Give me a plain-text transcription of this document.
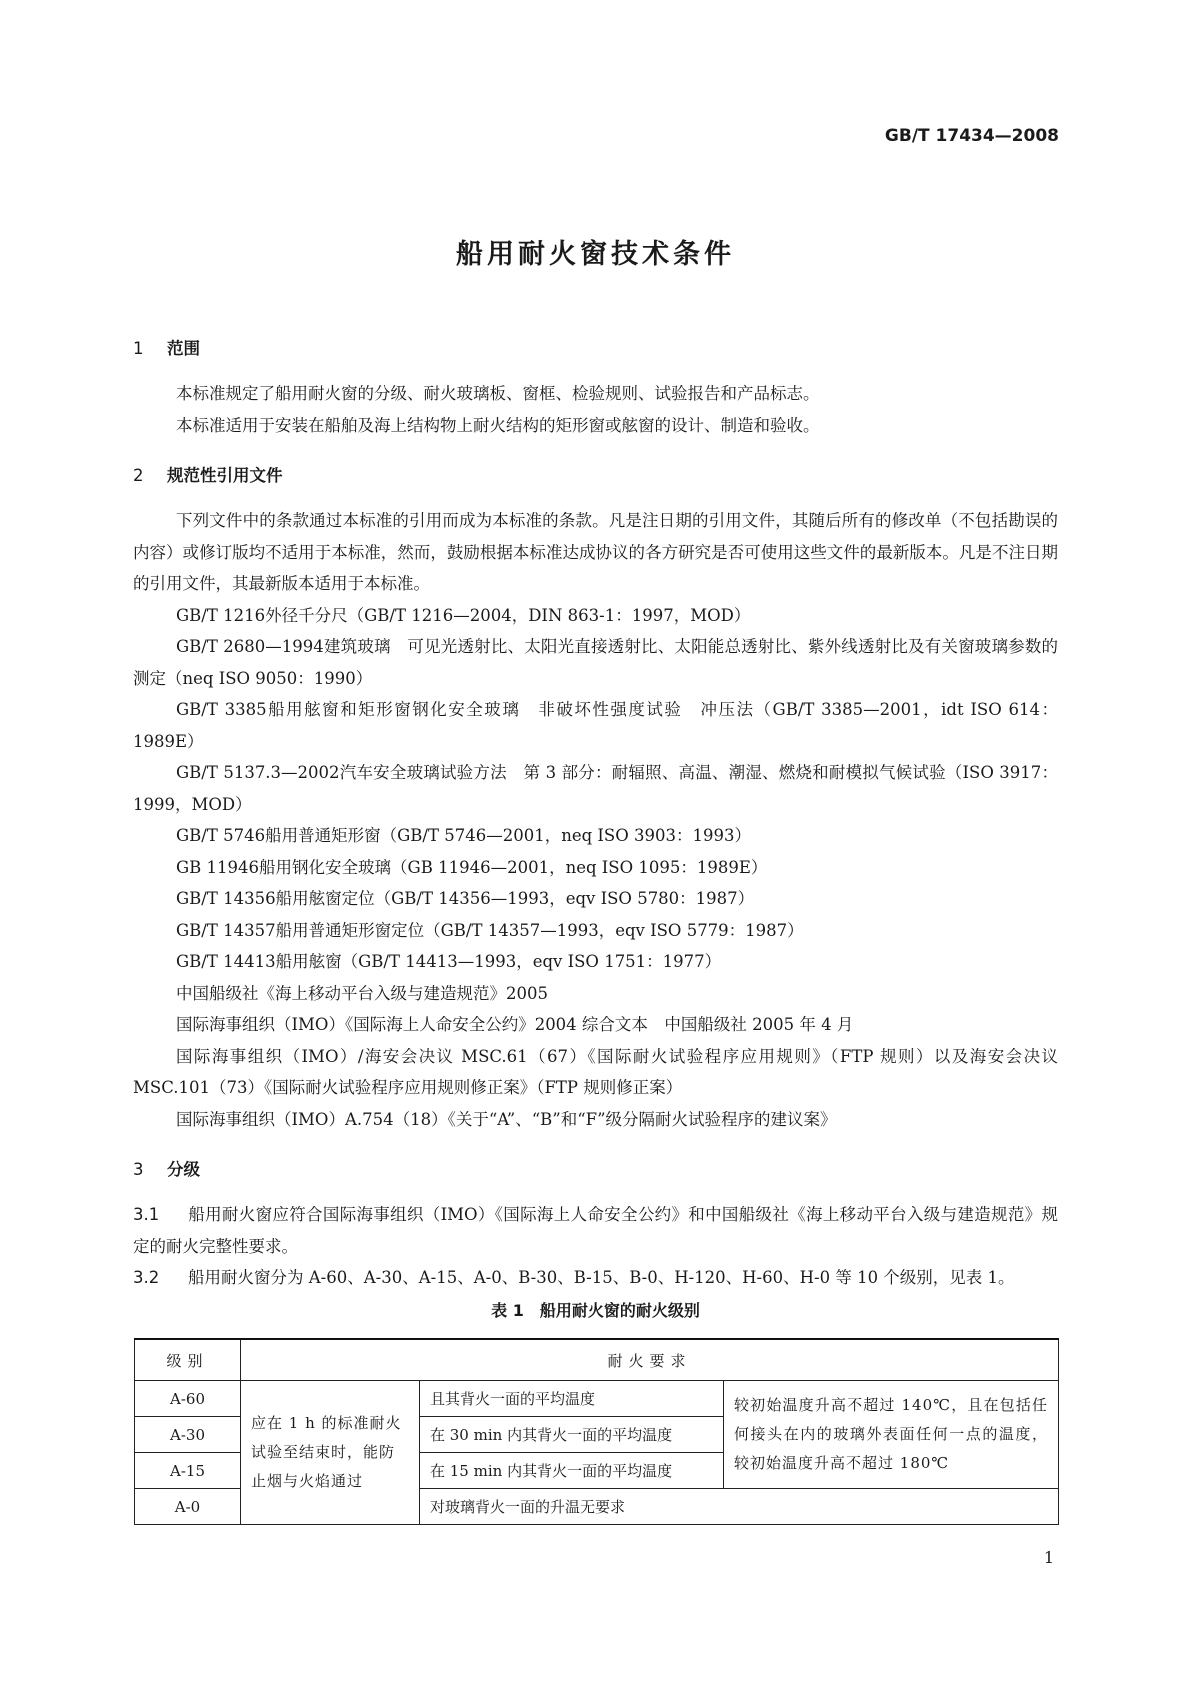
GB/T 17434—2008
船用耐火窗技术条件
1 范围

本标准规定了船用耐火窗的分级、耐火玻璃板、窗框、检验规则、试验报告和产品标志。

本标准适用于安装在船舶及海上结构物上耐火结构的矩形窗或舷窗的设计、制造和验收。

2 规范性引用文件

下列文件中的条款通过本标准的引用而成为本标准的条款。凡是注日期的引用文件，其随后所有的修改单（不包括勘误的内容）或修订版均不适用于本标准，然而，鼓励根据本标准达成协议的各方研究是否可使用这些文件的最新版本。凡是不注日期的引用文件，其最新版本适用于本标准。

GB/T 1216外径千分尺（GB/T 1216—2004，DIN 863-1：1997，MOD）

GB/T 2680—1994建筑玻璃　可见光透射比、太阳光直接透射比、太阳能总透射比、紫外线透射比及有关窗玻璃参数的测定（neq ISO 9050：1990）

GB/T 3385船用舷窗和矩形窗钢化安全玻璃　非破坏性强度试验　冲压法（GB/T 3385—2001，idt ISO 614：1989E）

GB/T 5137.3—2002汽车安全玻璃试验方法　第 3 部分：耐辐照、高温、潮湿、燃烧和耐模拟气候试验（ISO 3917：1999，MOD）

GB/T 5746船用普通矩形窗（GB/T 5746—2001，neq ISO 3903：1993）

GB 11946船用钢化安全玻璃（GB 11946—2001，neq ISO 1095：1989E）

GB/T 14356船用舷窗定位（GB/T 14356—1993，eqv ISO 5780：1987）

GB/T 14357船用普通矩形窗定位（GB/T 14357—1993，eqv ISO 5779：1987）

GB/T 14413船用舷窗（GB/T 14413—1993，eqv ISO 1751：1977）

中国船级社《海上移动平台入级与建造规范》2005

国际海事组织（IMO）《国际海上人命安全公约》2004 综合文本　中国船级社 2005 年 4 月

国际海事组织（IMO）/海安会决议 MSC.61（67）《国际耐火试验程序应用规则》（FTP 规则）以及海安会决议 MSC.101（73）《国际耐火试验程序应用规则修正案》（FTP 规则修正案）

国际海事组织（IMO）A.754（18）《关于“A”、“B”和“F”级分隔耐火试验程序的建议案》

3 分级

3.1 船用耐火窗应符合国际海事组织（IMO）《国际海上人命安全公约》和中国船级社《海上移动平台入级与建造规范》规定的耐火完整性要求。

3.2 船用耐火窗分为 A-60、A-30、A-15、A-0、B-30、B-15、B-0、H-120、H-60、H-0 等 10 个级别，见表 1。

表 1　船用耐火窗的耐火级别

级别	耐火要求		
A-60	应在 1 h 的标准耐火试验至结束时，能防止烟与火焰通过	且其背火一面的平均温度	较初始温度升高不超过 140℃，且在包括任何接头在内的玻璃外表面任何一点的温度，较初始温度升高不超过 180℃
A-30		在 30 min 内其背火一面的平均温度	
A-15		在 15 min 内其背火一面的平均温度	
A-0		对玻璃背火一面的升温无要求	
1
